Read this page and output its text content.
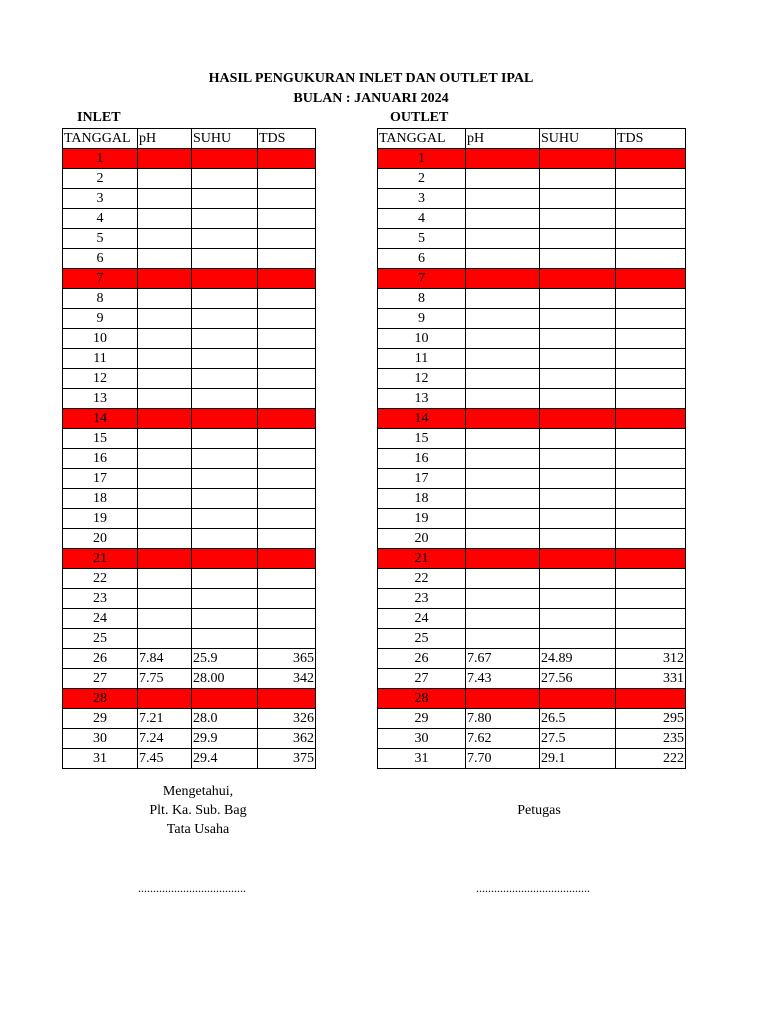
HASIL PENGUKURAN INLET DAN OUTLET IPAL
BULAN : JANUARI 2024
INLET	OUTLET
TANGGAL	pH	SUHU	TDS
1			
2			
3			
4			
5			
6			
7			
8			
9			
10			
11			
12			
13			
14			
15			
16			
17			
18			
19			
20			
21			
22			
23			
24			
25			
26	7.84	25.9	365
27	7.75	28.00	342
28			
29	7.21	28.0	326
30	7.24	29.9	362
31	7.45	29.4	375
TANGGAL	pH	SUHU	TDS
1			
2			
3			
4			
5			
6			
7			
8			
9			
10			
11			
12			
13			
14			
15			
16			
17			
18			
19			
20			
21			
22			
23			
24			
25			
26	7.67	24.89	312
27	7.43	27.56	331
28			
29	7.80	26.5	295
30	7.62	27.5	235
31	7.70	29.1	222
Mengetahui,
Plt. Ka. Sub. Bag
Tata Usaha
Petugas
....................................	......................................
